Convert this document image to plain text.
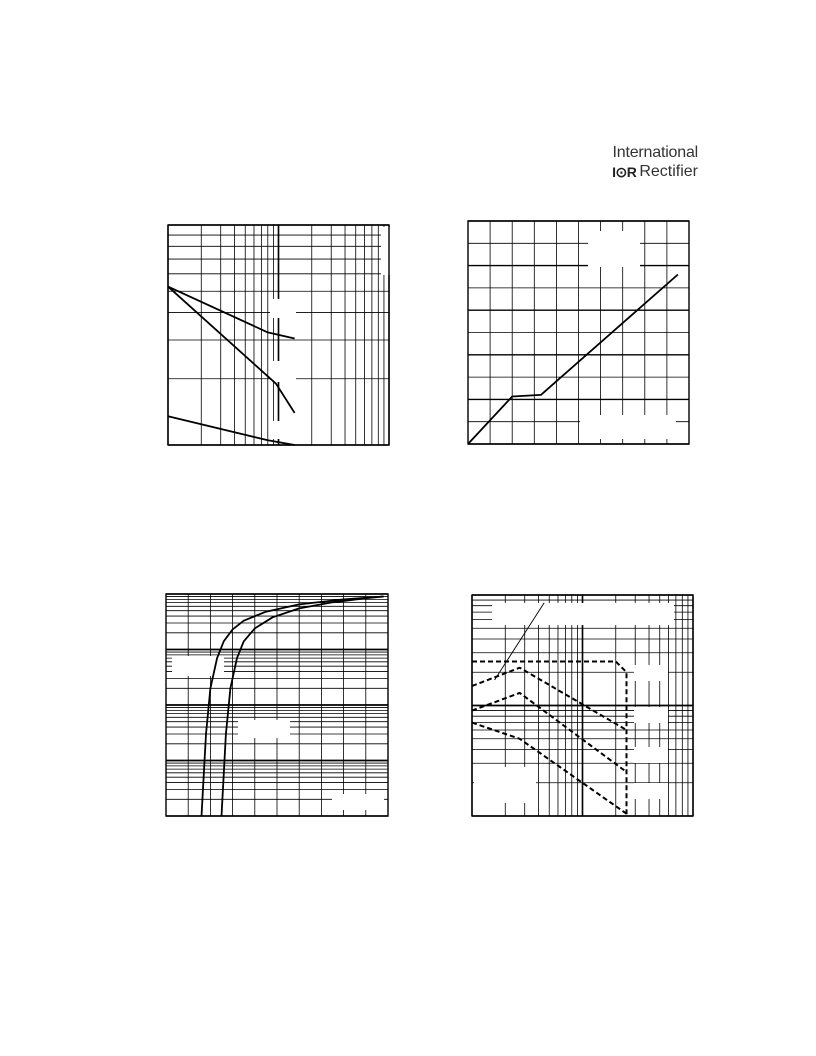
International
I⊙R Rectifier
